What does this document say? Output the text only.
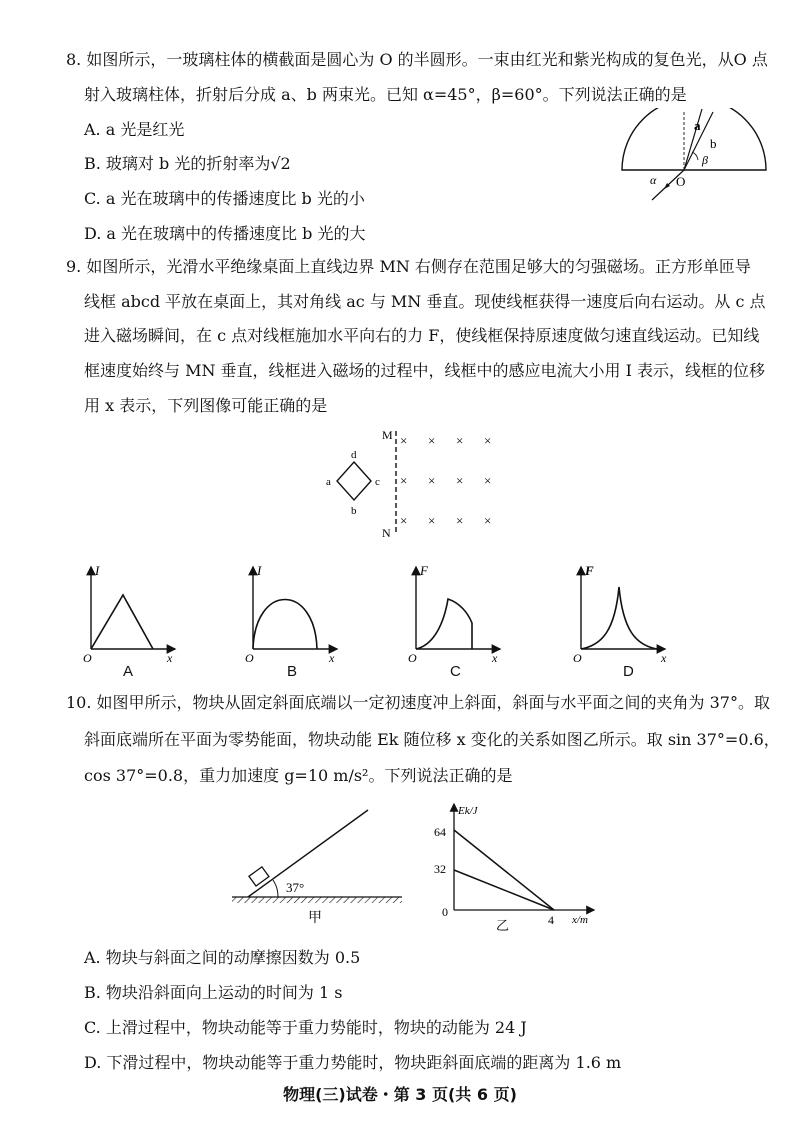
8. 如图所示，一玻璃柱体的横截面是圆心为 O 的半圆形。一束由红光和紫光构成的复色光，从O 点
射入玻璃柱体，折射后分成 a、b 两束光。已知 α=45°，β=60°。下列说法正确的是
A. a 光是红光
B. 玻璃对 b 光的折射率为√2
C. a 光在玻璃中的传播速度比 b 光的小
D. a 光在玻璃中的传播速度比 b 光的大
a
b
β
α O
9. 如图所示，光滑水平绝缘桌面上直线边界 MN 右侧存在范围足够大的匀强磁场。正方形单匝导
线框 abcd 平放在桌面上，其对角线 ac 与 MN 垂直。现使线框获得一速度后向右运动。从 c 点
进入磁场瞬间，在 c 点对线框施加水平向右的力 F，使线框保持原速度做匀速直线运动。已知线
框速度始终与 MN 垂直，线框进入磁场的过程中，线框中的感应电流大小用 I 表示，线框的位移
用 x 表示，下列图像可能正确的是
M
N
d
a	c
b
× × × ×
× × × ×
× × × ×
I
x
O
A
I
x
O
B
F
x
O
C
F
x
O
D
10. 如图甲所示，物块从固定斜面底端以一定初速度冲上斜面，斜面与水平面之间的夹角为 37°。取
斜面底端所在平面为零势能面，物块动能 Ek 随位移 x 变化的关系如图乙所示。取 sin 37°=0.6，
cos 37°=0.8，重力加速度 g=10 m/s²。下列说法正确的是
37°
甲
Ek/J
x/m
64
32
0
4
乙
A. 物块与斜面之间的动摩擦因数为 0.5
B. 物块沿斜面向上运动的时间为 1 s
C. 上滑过程中，物块动能等于重力势能时，物块的动能为 24 J
D. 下滑过程中，物块动能等于重力势能时，物块距斜面底端的距离为 1.6 m
物理(三)试卷・第 3 页(共 6 页)
